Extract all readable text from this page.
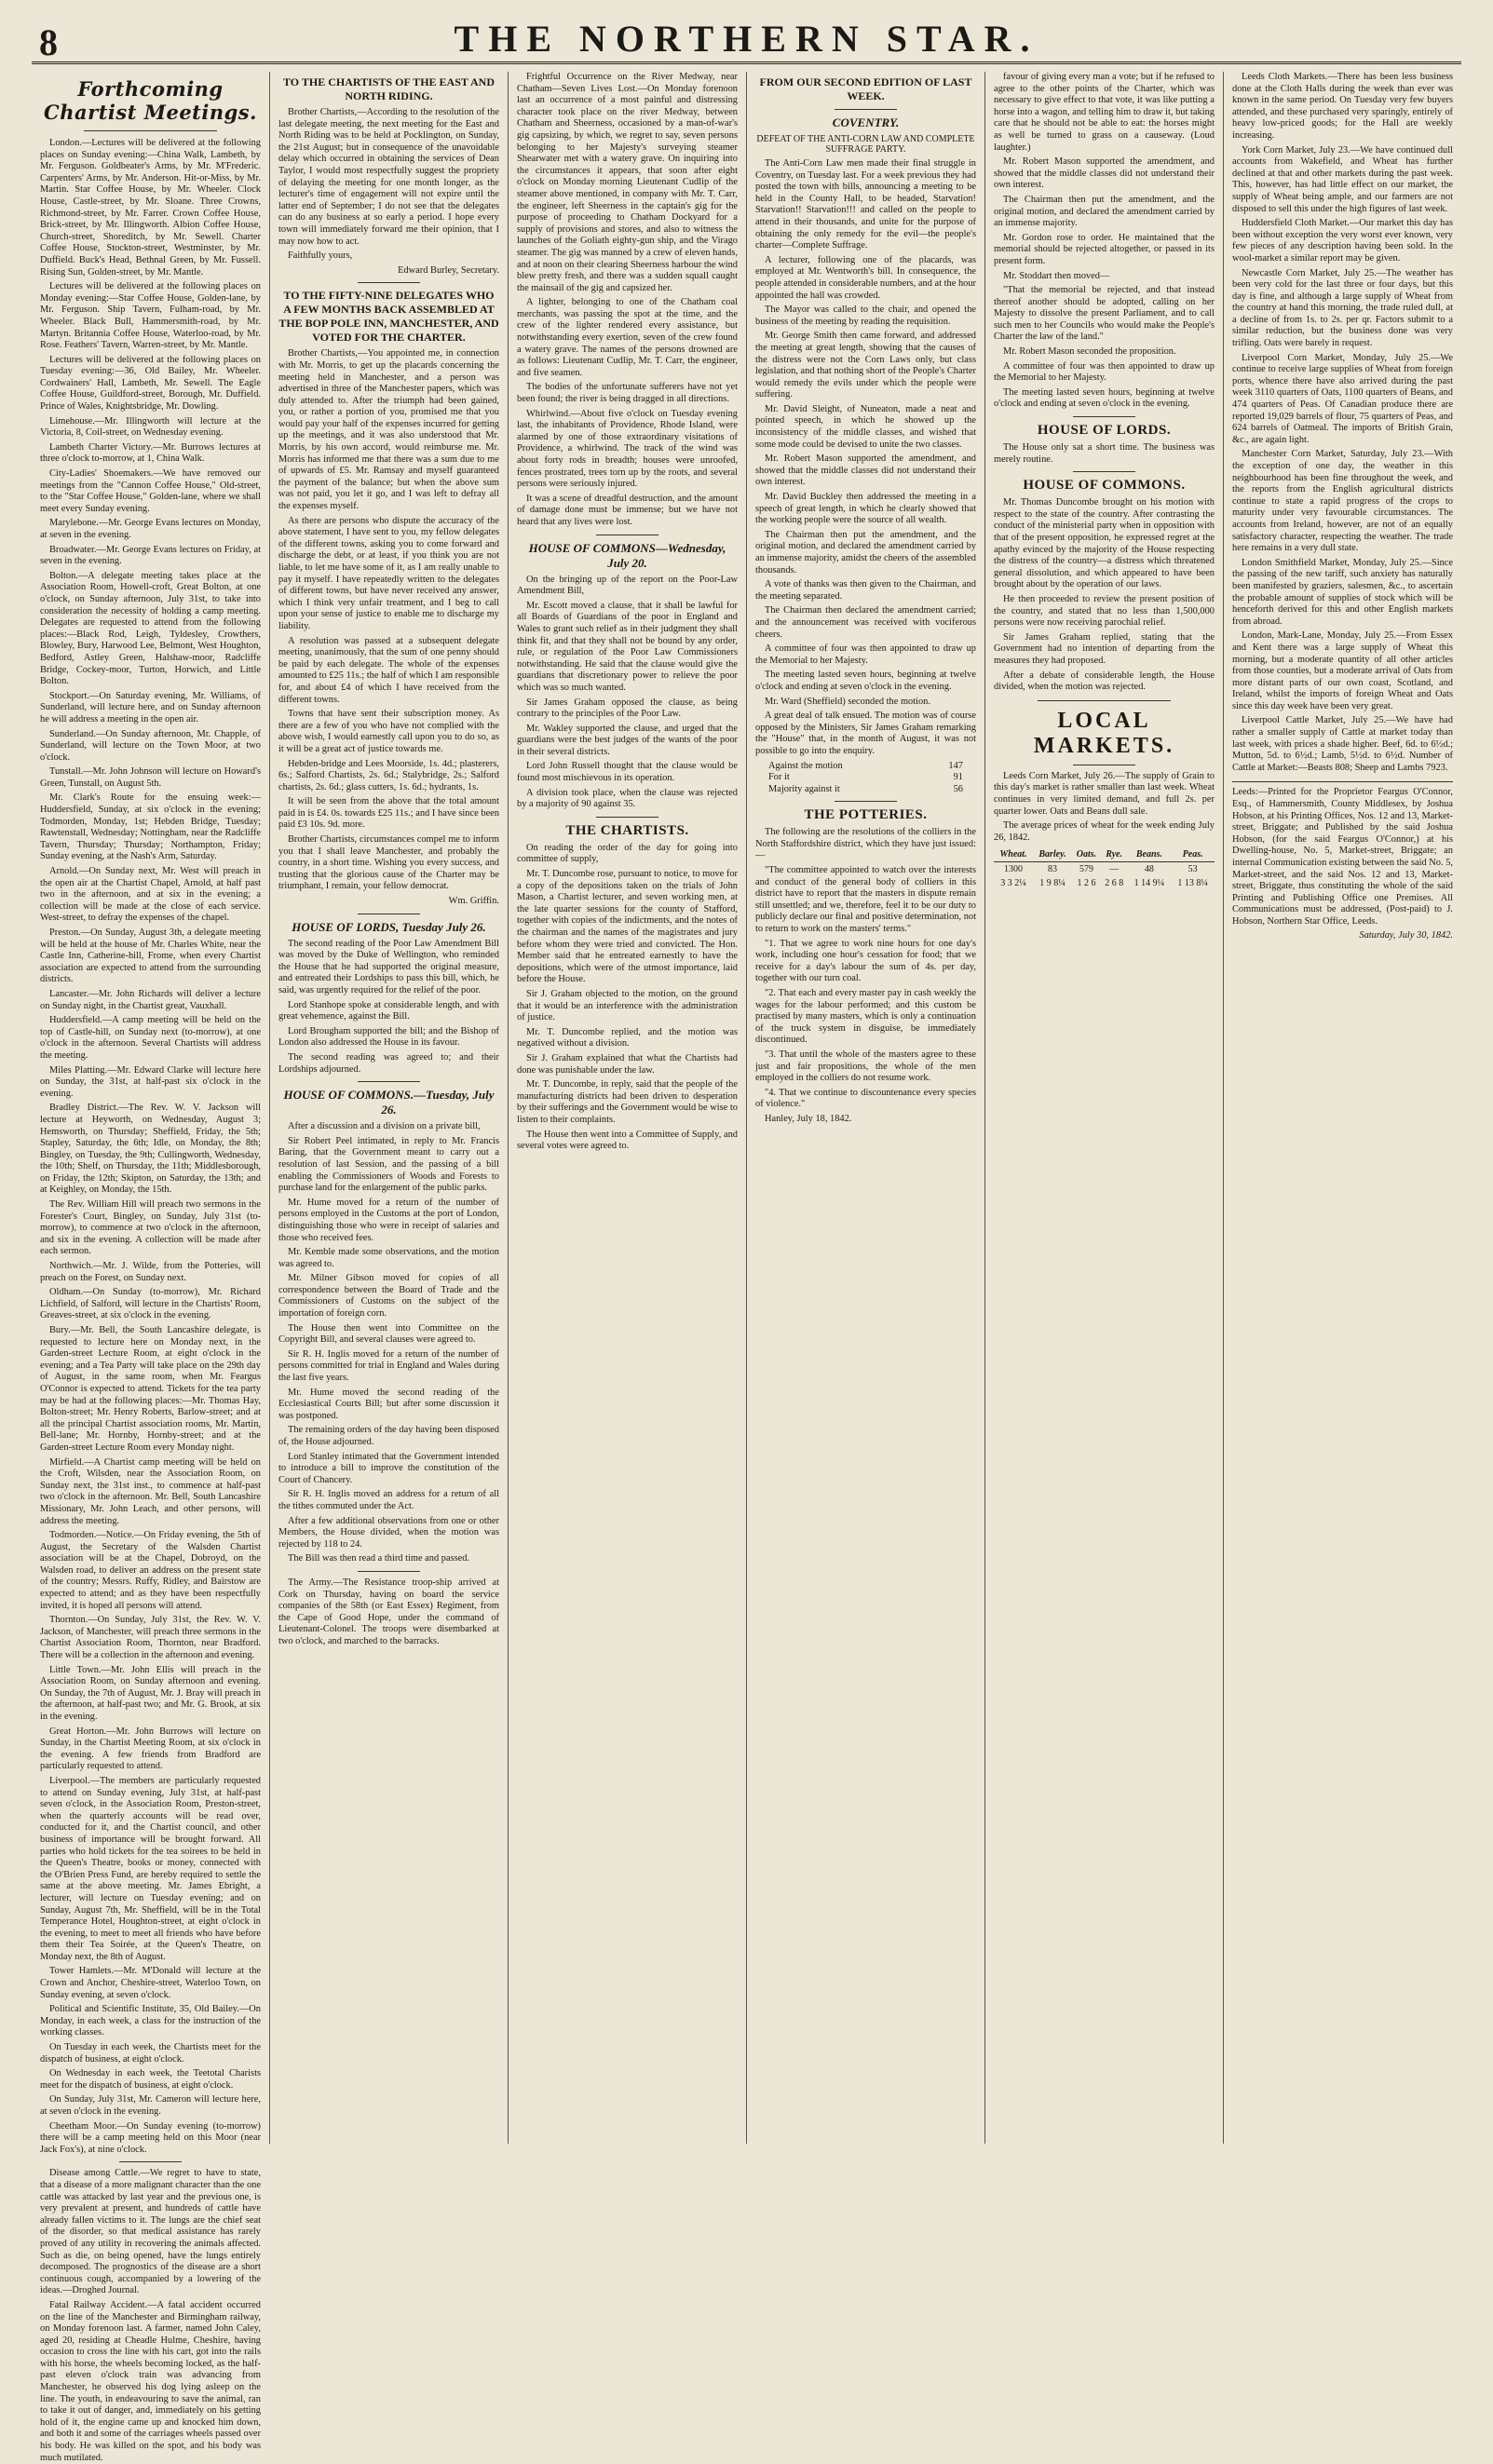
8	THE NORTHERN STAR.
Forthcoming Chartist Meetings.

London.—Lectures will be delivered at the following places on Sunday evening:—China Walk, Lambeth, by Mr. Ferguson. Goldbeater's Arms, by Mr. M'Frederic. Carpenters' Arms, by Mr. Anderson. Hit-or-Miss, by Mr. Martin. Star Coffee House, by Mr. Wheeler. Clock House, Castle-street, by Mr. Sloane. Three Crowns, Richmond-street, by Mr. Farrer. Crown Coffee House, Brick-street, by Mr. Illingworth. Albion Coffee House, Church-street, Shoreditch, by Mr. Sewell. Charter Coffee House, Stockton-street, Westminster, by Mr. Duffield. Buck's Head, Bethnal Green, by Mr. Fussell. Rising Sun, Golden-street, by Mr. Mantle.

Lectures will be delivered at the following places on Monday evening:—Star Coffee House, Golden-lane, by Mr. Ferguson. Ship Tavern, Fulham-road, by Mr. Wheeler. Black Bull, Hammersmith-road, by Mr. Martyn. Britannia Coffee House, Waterloo-road, by Mr. Rose. Feathers' Tavern, Warren-street, by Mr. Mantle.

Lectures will be delivered at the following places on Tuesday evening:—36, Old Bailey, Mr. Wheeler. Cordwainers' Hall, Lambeth, Mr. Sewell. The Eagle Coffee House, Guildford-street, Borough, Mr. Duffield. Prince of Wales, Knightsbridge, Mr. Dowling.

Limehouse.—Mr. Illingworth will lecture at the Victoria, 8, Coil-street, on Wednesday evening.

Lambeth Charter Victory.—Mr. Burrows lectures at three o'clock to-morrow, at 1, China Walk.

City-Ladies' Shoemakers.—We have removed our meetings from the "Cannon Coffee House," Old-street, to the "Star Coffee House," Golden-lane, where we shall meet every Sunday evening.

Marylebone.—Mr. George Evans lectures on Monday, at seven in the evening.

Broadwater.—Mr. George Evans lectures on Friday, at seven in the evening.

Bolton.—A delegate meeting takes place at the Association Room, Howell-croft, Great Bolton, at one o'clock, on Sunday afternoon, July 31st, to take into consideration the necessity of holding a camp meeting. Delegates are requested to attend from the following places:—Black Rod, Leigh, Tyldesley, Crowthers, Blowley, Bury, Harwood Lee, Belmont, West Houghton, Bedford, Astley Green, Halshaw-moor, Radcliffe Bridge, Cockey-moor, Turton, Horwich, and Little Bolton.

Stockport.—On Saturday evening, Mr. Williams, of Sunderland, will lecture here, and on Sunday afternoon he will address a meeting in the open air.

Sunderland.—On Sunday afternoon, Mr. Chapple, of Sunderland, will lecture on the Town Moor, at two o'clock.

Tunstall.—Mr. John Johnson will lecture on Howard's Green, Tunstall, on August 5th.

Mr. Clark's Route for the ensuing week:—Huddersfield, Sunday, at six o'clock in the evening; Todmorden, Monday, 1st; Hebden Bridge, Tuesday; Rawtenstall, Wednesday; Nottingham, near the Radcliffe Tavern, Thursday; Thursday; Northampton, Friday; Sunday evening, at the Nash's Arm, Saturday.

Arnold.—On Sunday next, Mr. West will preach in the open air at the Chartist Chapel, Arnold, at half past two in the afternoon, and at six in the evening; a collection will be made at the close of each service. West-street, to defray the expenses of the chapel.

Preston.—On Sunday, August 3th, a delegate meeting will be held at the house of Mr. Charles White, near the Castle Inn, Catherine-hill, Frome, when every Chartist association are expected to attend from the surrounding districts.

Lancaster.—Mr. John Richards will deliver a lecture on Sunday night, in the Chartist great, Vauxhall.

Huddersfield.—A camp meeting will be held on the top of Castle-hill, on Sunday next (to-morrow), at one o'clock in the afternoon. Several Chartists will address the meeting.

Miles Platting.—Mr. Edward Clarke will lecture here on Sunday, the 31st, at half-past six o'clock in the evening.

Bradley District.—The Rev. W. V. Jackson will lecture at Heyworth, on Wednesday, August 3; Hemsworth, on Thursday; Sheffield, Friday, the 5th; Stapley, Saturday, the 6th; Idle, on Monday, the 8th; Bingley, on Tuesday, the 9th; Cullingworth, Wednesday, the 10th; Shelf, on Thursday, the 11th; Middlesborough, on Friday, the 12th; Skipton, on Saturday, the 13th; and at Keighley, on Monday, the 15th.

The Rev. William Hill will preach two sermons in the Forester's Court, Bingley, on Sunday, July 31st (to-morrow), to commence at two o'clock in the afternoon, and six in the evening. A collection will be made after each sermon.

Northwich.—Mr. J. Wilde, from the Potteries, will preach on the Forest, on Sunday next.

Oldham.—On Sunday (to-morrow), Mr. Richard Lichfield, of Salford, will lecture in the Chartists' Room, Greaves-street, at six o'clock in the evening.

Bury.—Mr. Bell, the South Lancashire delegate, is requested to lecture here on Monday next, in the Garden-street Lecture Room, at eight o'clock in the evening; and a Tea Party will take place on the 29th day of August, in the same room, when Mr. Feargus O'Connor is expected to attend. Tickets for the tea party may be had at the following places:—Mr. Thomas Hay, Bolton-street; Mr. Henry Roberts, Barlow-street; and at all the principal Chartist association rooms, Mr. Martin, Bell-lane; Mr. Hornby, Hornby-street; and at the Garden-street Lecture Room every Monday night.

Mirfield.—A Chartist camp meeting will be held on the Croft, Wilsden, near the Association Room, on Sunday next, the 31st inst., to commence at half-past two o'clock in the afternoon. Mr. Bell, South Lancashire Missionary, Mr. John Leach, and other persons, will address the meeting.

Todmorden.—Notice.—On Friday evening, the 5th of August, the Secretary of the Walsden Chartist association will be at the Chapel, Dobroyd, on the Walsden road, to deliver an address on the present state of the country; Messrs. Ruffy, Ridley, and Bairstow are expected to attend; and as they have been respectfully invited, it is hoped all persons will attend.

Thornton.—On Sunday, July 31st, the Rev. W. V. Jackson, of Manchester, will preach three sermons in the Chartist Association Room, Thornton, near Bradford. There will be a collection in the afternoon and evening.

Little Town.—Mr. John Ellis will preach in the Association Room, on Sunday afternoon and evening. On Sunday, the 7th of August, Mr. J. Bray will preach in the afternoon, at half-past two; and Mr. G. Brook, at six in the evening.

Great Horton.—Mr. John Burrows will lecture on Sunday, in the Chartist Meeting Room, at six o'clock in the evening. A few friends from Bradford are particularly requested to attend.

Liverpool.—The members are particularly requested to attend on Sunday evening, July 31st, at half-past seven o'clock, in the Association Room, Preston-street, when the quarterly accounts will be read over, conducted for it, and the Chartist council, and other business of importance will be brought forward. All parties who hold tickets for the tea soirees to be held in the Queen's Theatre, books or money, connected with the O'Brien Press Fund, are hereby required to settle the same at the above meeting. Mr. James Ebright, a lecturer, will lecture on Tuesday evening; and on Sunday, August 7th, Mr. Sheffield, will be in the Total Temperance Hotel, Houghton-street, at eight o'clock in the evening, to meet to meet all friends who have before them their Tea Soirée, at the Queen's Theatre, on Monday next, the 8th of August.

Tower Hamlets.—Mr. M'Donald will lecture at the Crown and Anchor, Cheshire-street, Waterloo Town, on Sunday evening, at seven o'clock.

Political and Scientific Institute, 35, Old Bailey.—On Monday, in each week, a class for the instruction of the working classes.

On Tuesday in each week, the Chartists meet for the dispatch of business, at eight o'clock.

On Wednesday in each week, the Teetotal Charists meet for the dispatch of business, at eight o'clock.

On Sunday, July 31st, Mr. Cameron will lecture here, at seven o'clock in the evening.

Cheetham Moor.—On Sunday evening (to-morrow) there will be a camp meeting held on this Moor (near Jack Fox's), at nine o'clock.

Disease among Cattle.—We regret to have to state, that a disease of a more malignant character than the one cattle was attacked by last year and the previous one, is very prevalent at present, and hundreds of cattle have already fallen victims to it. The lungs are the chief seat of the disorder, so that medical assistance has rarely proved of any utility in recovering the animals affected. Such as die, on being opened, have the lungs entirely decomposed. The prognostics of the disease are a short continuous cough, accompanied by a lowering of the ideas.—Droghed Journal.

Fatal Railway Accident.—A fatal accident occurred on the line of the Manchester and Birmingham railway, on Monday forenoon last. A farmer, named John Caley, aged 20, residing at Cheadle Hulme, Cheshire, having occasion to cross the line with his cart, got into the rails with his horse, the wheels becoming locked, as the half-past eleven o'clock train was advancing from Manchester, he observed his dog lying asleep on the line. The youth, in endeavouring to save the animal, ran to take it out of danger, and, immediately on his getting hold of it, the engine came up and knocked him down, and both it and some of the carriages wheels passed over his body. He was killed on the spot, and his body was much mutilated.

TO THE CHARTISTS OF THE EAST AND NORTH RIDING.

Brother Chartists,—According to the resolution of the last delegate meeting, the next meeting for the East and North Riding was to be held at Pocklington, on Sunday, the 21st August; but in consequence of the unavoidable delay which occurred in obtaining the services of Dean Taylor, I would most respectfully suggest the propriety of delaying the meeting for one month longer, as the lecturer's time of engagement will not expire until the latter end of September; I do not see that the delegates can do any business at so early a period. I hope every town will immediately forward me their opinion, that I may now how to act.

Faithfully yours,

Edward Burley, Secretary.

TO THE FIFTY-NINE DELEGATES WHO A FEW MONTHS BACK ASSEMBLED AT THE BOP POLE INN, MANCHESTER, AND VOTED FOR THE CHARTER.

Brother Chartists,—You appointed me, in connection with Mr. Morris, to get up the placards concerning the meeting held in Manchester, and a person was advertised in three of the Manchester papers, which was duly attended to. After the triumph had been gained, you, or rather a portion of you, promised me that you would pay your half of the expenses incurred for getting up the meetings, and it was also understood that Mr. Morris, by his own accord, would reimburse me. Mr. Morris has informed me that there was a sum due to me of upwards of £5. Mr. Ramsay and myself guaranteed the payment of the balance; but when the above sum was not paid, you let it go, and I was left to defray all the expenses myself.

As there are persons who dispute the accuracy of the above statement, I have sent to you, my fellow delegates of the different towns, asking you to come forward and discharge the debt, or at least, if you think you are not liable, to let me have some of it, as I am really unable to pay it myself. I have repeatedly written to the delegates of different towns, but have never received any answer, which I think very unfair treatment, and I beg to call upon your sense of justice to enable me to discharge my liability.

A resolution was passed at a subsequent delegate meeting, unanimously, that the sum of one penny should be paid by each delegate. The whole of the expenses amounted to £25 11s.; the half of which I am responsible for, and about £4 of which I have received from the different towns.

Towns that have sent their subscription money. As there are a few of you who have not complied with the above wish, I would earnestly call upon you to do so, as it will be a great act of justice towards me.

Hebden-bridge and Lees Moorside, 1s. 4d.; plasterers, 6s.; Salford Chartists, 2s. 6d.; Stalybridge, 2s.; Salford chartists, 2s. 6d.; glass cutters, 1s. 6d.; hydrants, 1s.

It will be seen from the above that the total amount paid in is £4. 0s. towards £25 11s.; and I have since been paid £3 10s. 9d. more.

Brother Chartists, circumstances compel me to inform you that I shall leave Manchester, and probably the country, in a short time. Wishing you every success, and trusting that the glorious cause of the Charter may be triumphant, I remain, your fellow democrat.

Wm. Griffin.

HOUSE OF LORDS, Tuesday July 26.

The second reading of the Poor Law Amendment Bill was moved by the Duke of Wellington, who reminded the House that he had supported the original measure, and entreated their Lordships to pass this bill, which, he said, was urgently required for the relief of the poor.

Lord Stanhope spoke at considerable length, and with great vehemence, against the Bill.

Lord Brougham supported the bill; and the Bishop of London also addressed the House in its favour.

The second reading was agreed to; and their Lordships adjourned.

HOUSE OF COMMONS.—Tuesday, July 26.

After a discussion and a division on a private bill,

Sir Robert Peel intimated, in reply to Mr. Francis Baring, that the Government meant to carry out a resolution of last Session, and the passing of a bill enabling the Commissioners of Woods and Forests to purchase land for the enlargement of the public parks.

Mr. Hume moved for a return of the number of persons employed in the Customs at the port of London, distinguishing those who were in receipt of salaries and those who received fees.

Mr. Kemble made some observations, and the motion was agreed to.

Mr. Milner Gibson moved for copies of all correspondence between the Board of Trade and the Commissioners of Customs on the subject of the importation of foreign corn.

The House then went into Committee on the Copyright Bill, and several clauses were agreed to.

Sir R. H. Inglis moved for a return of the number of persons committed for trial in England and Wales during the last five years.

Mr. Hume moved the second reading of the Ecclesiastical Courts Bill; but after some discussion it was postponed.

The remaining orders of the day having been disposed of, the House adjourned.

Lord Stanley intimated that the Government intended to introduce a bill to improve the constitution of the Court of Chancery.

Sir R. H. Inglis moved an address for a return of all the tithes commuted under the Act.

After a few additional observations from one or other Members, the House divided, when the motion was rejected by 118 to 24.

The Bill was then read a third time and passed.

The Army.—The Resistance troop-ship arrived at Cork on Thursday, having on board the service companies of the 58th (or East Essex) Regiment, from the Cape of Good Hope, under the command of Lieutenant-Colonel. The troops were disembarked at two o'clock, and marched to the barracks.

Frightful Occurrence on the River Medway, near Chatham—Seven Lives Lost.—On Monday forenoon last an occurrence of a most painful and distressing character took place on the river Medway, between Chatham and Sheerness, occasioned by a man-of-war's gig capsizing, by which, we regret to say, seven persons belonging to her Majesty's surveying steamer Shearwater met with a watery grave. On inquiring into the circumstances it appears, that soon after eight o'clock on Monday morning Lieutenant Cudlip of the steamer above mentioned, in company with Mr. T. Carr, the engineer, left Sheerness in the captain's gig for the purpose of proceeding to Chatham Dockyard for a supply of provisions and stores, and also to witness the launches of the Goliath eighty-gun ship, and the Virago steamer. The gig was manned by a crew of eleven hands, and at noon on their clearing Sheerness harbour the wind blew pretty fresh, and there was a sudden squall caught the mainsail of the gig and capsized her.

A lighter, belonging to one of the Chatham coal merchants, was passing the spot at the time, and the crew of the lighter rendered every assistance, but notwithstanding every exertion, seven of the crew found a watery grave. The names of the persons drowned are as follows: Lieutenant Cudlip, Mr. T. Carr, the engineer, and five seamen.

The bodies of the unfortunate sufferers have not yet been found; the river is being dragged in all directions.

Whirlwind.—About five o'clock on Tuesday evening last, the inhabitants of Providence, Rhode Island, were alarmed by one of those extraordinary visitations of Providence, a whirlwind. The track of the wind was about forty rods in breadth; houses were unroofed, fences prostrated, trees torn up by the roots, and several persons were seriously injured.

It was a scene of dreadful destruction, and the amount of damage done must be immense; but we have not heard that any lives were lost.

HOUSE OF COMMONS—Wednesday, July 20.

On the bringing up of the report on the Poor-Law Amendment Bill,

Mr. Escott moved a clause, that it shall be lawful for all Boards of Guardians of the poor in England and Wales to grant such relief as in their judgment they shall think fit, and that they shall not be bound by any order, rule, or regulation of the Poor Law Commissioners notwithstanding. He said that the clause would give the guardians that discretionary power to relieve the poor which was so much wanted.

Sir James Graham opposed the clause, as being contrary to the principles of the Poor Law.

Mr. Wakley supported the clause, and urged that the guardians were the best judges of the wants of the poor in their several districts.

Lord John Russell thought that the clause would be found most mischievous in its operation.

A division took place, when the clause was rejected by a majority of 90 against 35.

THE CHARTISTS.

On reading the order of the day for going into committee of supply,

Mr. T. Duncombe rose, pursuant to notice, to move for a copy of the depositions taken on the trials of John Mason, a Chartist lecturer, and seven working men, at the late quarter sessions for the county of Stafford, together with copies of the indictments, and the notes of the chairman and the names of the magistrates and jury before whom they were tried and convicted. The Hon. Member said that he entreated earnestly to have the depositions, which were of the utmost importance, laid before the House.

Sir J. Graham objected to the motion, on the ground that it would be an interference with the administration of justice.

Mr. T. Duncombe replied, and the motion was negatived without a division.

Sir J. Graham explained that what the Chartists had done was punishable under the law.

Mr. T. Duncombe, in reply, said that the people of the manufacturing districts had been driven to desperation by their sufferings and the Government would be wise to listen to their complaints.

The House then went into a Committee of Supply, and several votes were agreed to.

FROM OUR SECOND EDITION OF LAST WEEK.
COVENTRY.
DEFEAT OF THE ANTI-CORN LAW AND COMPLETE SUFFRAGE PARTY.

The Anti-Corn Law men made their final struggle in Coventry, on Tuesday last. For a week previous they had posted the town with bills, announcing a meeting to be held in the County Hall, to be headed, Starvation! Starvation!! Starvation!!! and called on the people to attend in their thousands, and unite for the purpose of obtaining the only remedy for the evil—the people's charter—Complete Suffrage.

A lecturer, following one of the placards, was employed at Mr. Wentworth's bill. In consequence, the people attended in considerable numbers, and at the hour appointed the hall was crowded.

The Mayor was called to the chair, and opened the business of the meeting by reading the requisition.

Mr. George Smith then came forward, and addressed the meeting at great length, showing that the causes of the distress were not the Corn Laws only, but class legislation, and that nothing short of the People's Charter would remedy the evils under which the people were suffering.

Mr. David Sleight, of Nuneaton, made a neat and pointed speech, in which he showed up the inconsistency of the middle classes, and wished that some mode could be devised to unite the two classes.

Mr. Robert Mason supported the amendment, and showed that the middle classes did not understand their own interest.

Mr. David Buckley then addressed the meeting in a speech of great length, in which he clearly showed that the working people were the source of all wealth.

The Chairman then put the amendment, and the original motion, and declared the amendment carried by an immense majority, amidst the cheers of the assembled thousands.

A vote of thanks was then given to the Chairman, and the meeting separated.

The Chairman then declared the amendment carried; and the announcement was received with vociferous cheers.

A committee of four was then appointed to draw up the Memorial to her Majesty.

The meeting lasted seven hours, beginning at twelve o'clock and ending at seven o'clock in the evening.

Mr. Ward (Sheffield) seconded the motion.

A great deal of talk ensued. The motion was of course opposed by the Ministers, Sir James Graham remarking the "House" that, in the month of August, it was not possible to go into the enquiry.

Against the motion	147
For it	91
Majority against it	56
THE POTTERIES.

The following are the resolutions of the colliers in the North Staffordshire district, which they have just issued:—

"The committee appointed to watch over the interests and conduct of the general body of colliers in this district have to report that the masters in dispute remain still unsettled; and we, therefore, feel it to be our duty to publicly declare our final and positive determination, not to return to work on the masters' terms."

"1. That we agree to work nine hours for one day's work, including one hour's cessation for food; that we receive for a day's labour the sum of 4s. per day, together with our turn coal.

"2. That each and every master pay in cash weekly the wages for the labour performed; and this custom be practised by many masters, which is only a continuation of the truck system in disguise, be immediately discontinued.

"3. That until the whole of the masters agree to these just and fair propositions, the whole of the men employed in the colliers do not resume work.

"4. That we continue to discountenance every species of violence."

Hanley, July 18, 1842.

favour of giving every man a vote; but if he refused to agree to the other points of the Charter, which was necessary to give effect to that vote, it was like putting a horse into a wagon, and telling him to draw it, but taking care that he should not be able to eat: the horses might as well be turned to grass on a causeway. (Loud laughter.)

Mr. Robert Mason supported the amendment, and showed that the middle classes did not understand their own interest.

The Chairman then put the amendment, and the original motion, and declared the amendment carried by an immense majority.

Mr. Gordon rose to order. He maintained that the memorial should be rejected altogether, or passed in its present form.

Mr. Stoddart then moved—

"That the memorial be rejected, and that instead thereof another should be adopted, calling on her Majesty to dissolve the present Parliament, and to call such men to her Councils who would make the People's Charter the law of the land."

Mr. Robert Mason seconded the proposition.

A committee of four was then appointed to draw up the Memorial to her Majesty.

The meeting lasted seven hours, beginning at twelve o'clock and ending at seven o'clock in the evening.

HOUSE OF LORDS.

The House only sat a short time. The business was merely routine.

HOUSE OF COMMONS.

Mr. Thomas Duncombe brought on his motion with respect to the state of the country. After contrasting the conduct of the ministerial party when in opposition with that of the present opposition, he expressed regret at the apathy evinced by the majority of the House respecting the distress of the country—a distress which threatened general dissolution, and which appeared to have been brought about by the operation of our laws.

He then proceeded to review the present position of the country, and stated that no less than 1,500,000 persons were now receiving parochial relief.

Sir James Graham replied, stating that the Government had no intention of departing from the measures they had proposed.

After a debate of considerable length, the House divided, when the motion was rejected.

LOCAL MARKETS.

Leeds Corn Market, July 26.—The supply of Grain to this day's market is rather smaller than last week. Wheat continues in very limited demand, and full 2s. per quarter lower. Oats and Beans dull sale.

The average prices of wheat for the week ending July 26, 1842.

Wheat.	Barley.	Oats.	Rye.	Beans.	Peas.
1300	83	579	—	48	53
3 3 2¼	1 9 8¼	1 2 6	2 6 8	1 14 9¼	1 13 8¼

Leeds Cloth Markets.—There has been less business done at the Cloth Halls during the week than ever was known in the same period. On Tuesday very few buyers attended, and these purchased very sparingly, entirely of heavy low-priced goods; for the Hall are weekly increasing.

York Corn Market, July 23.—We have continued dull accounts from Wakefield, and Wheat has further declined at that and other markets during the past week. This, however, has had little effect on our market, the supply of Wheat being ample, and our farmers are not disposed to sell this under the high figures of last week.

Huddersfield Cloth Market.—Our market this day has been without exception the very worst ever known, very few pieces of any description having been sold. In the wool-market a similar report may be given.

Newcastle Corn Market, July 25.—The weather has been very cold for the last three or four days, but this day is fine, and although a large supply of Wheat from the country at hand this morning, the trade ruled dull, at a decline of from 1s. to 2s. per qr. Factors submit to a similar reduction, but the business done was very trifling. Oats were barely in request.

Liverpool Corn Market, Monday, July 25.—We continue to receive large supplies of Wheat from foreign ports, whence there have also arrived during the past week 3110 quarters of Oats, 1100 quarters of Beans, and 474 quarters of Peas. Of Canadian produce there are reported 19,029 barrels of flour, 75 quarters of Peas, and 624 barrels of Oatmeal. The imports of British Grain, &c., are again light.

Manchester Corn Market, Saturday, July 23.—With the exception of one day, the weather in this neighbourhood has been fine throughout the week, and the reports from the English agricultural districts continue to state a rapid progress of the crops to maturity under very favourable circumstances. The accounts from Ireland, however, are not of an equally satisfactory character, respecting the weather. The trade here remains in a very dull state.

London Smithfield Market, Monday, July 25.—Since the passing of the new tariff, such anxiety has naturally been manifested by graziers, salesmen, &c., to ascertain the probable amount of supplies of stock which will be henceforth derived for this and other English markets from abroad.

London, Mark-Lane, Monday, July 25.—From Essex and Kent there was a large supply of Wheat this morning, but a moderate quantity of all other articles from those counties, but a moderate arrival of Oats from more distant parts of our own coast, Scotland, and Ireland, whilst the imports of foreign Wheat and Oats since this day week have been very great.

Liverpool Cattle Market, July 25.—We have had rather a smaller supply of Cattle at market today than last week, with prices a shade higher. Beef, 6d. to 6½d.; Mutton, 5d. to 6½d.; Lamb, 5½d. to 6½d. Number of Cattle at Market:—Beasts 808; Sheep and Lambs 7923.

Leeds:—Printed for the Proprietor Feargus O'Connor, Esq., of Hammersmith, County Middlesex, by Joshua Hobson, at his Printing Offices, Nos. 12 and 13, Market-street, Briggate; and Published by the said Joshua Hobson, (for the said Feargus O'Connor,) at his Dwelling-house, No. 5, Market-street, Briggate; an internal Communication existing between the said No. 5, Market-street, and the said Nos. 12 and 13, Market-street, Briggate, thus constituting the whole of the said Printing and Publishing Office one Premises. All Communications must be addressed, (Post-paid) to J. Hobson, Northern Star Office, Leeds.
Saturday, July 30, 1842.
